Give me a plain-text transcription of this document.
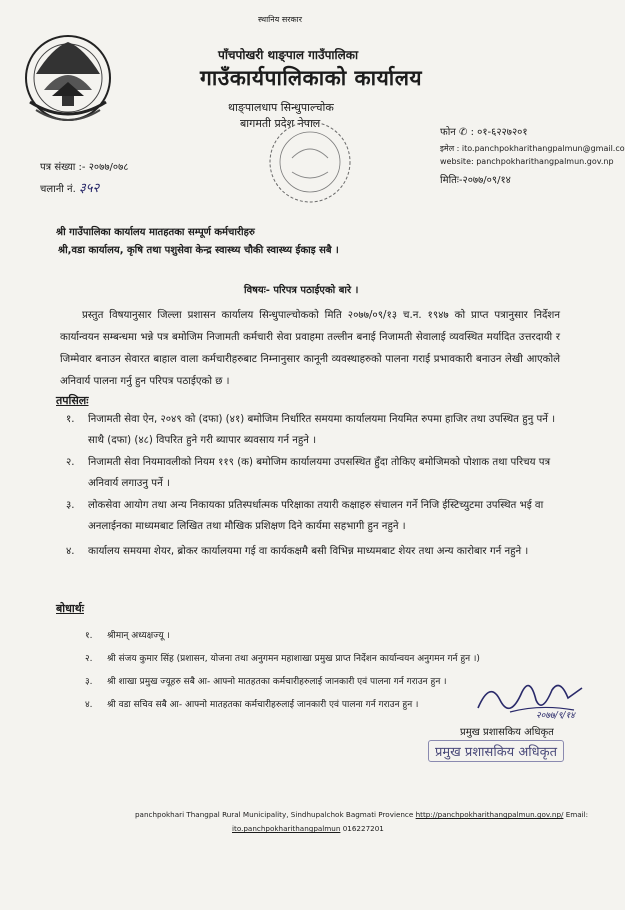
स्थानिय सरकार
पाँचपोखरी थाङ्पाल गाउँपालिका
गाउँकार्यपालिकाको कार्यालय
थाङ्पालधाप सिन्धुपाल्चोक
बागमती प्रदेश नेपाल
फोन ✆ : ०१-६२२७२०१
इमेल : ito.panchpokharithangpalmun@gmail.co
website: panchpokharithangpalmun.gov.np
मितिः-२०७७/०९/१४
पत्र संख्या :- २०७७/०७८
चलानी नं. ३५२
श्री गाउँपालिका कार्यालय मातहतका सम्पूर्ण कर्मचारीहरु
श्री,वडा कार्यालय, कृषि तथा पशुसेवा केन्द्र स्वास्थ्य चौकी स्वास्थ्य ईकाइ सबै ।
विषयः- परिपत्र पठाईएको बारे ।
प्रस्तुत विषयानुसार जिल्ला प्रशासन कार्यालय सिन्धुपाल्चोकको मिति २०७७/०९/१३ च.न. १९४७ को प्राप्त पत्रानुसार निर्देशन कार्यान्वयन सम्बन्धमा भन्ने पत्र बमोजिम निजामती कर्मचारी सेवा प्रवाहमा तल्लीन बनाई निजामती सेवालाई व्यवस्थित मर्यादित उत्तरदायी र जिम्मेवार बनाउन सेवारत बाहाल वाला कर्मचारीहरुबाट निम्नानुसार कानूनी व्यवस्थाहरुको पालना गराई प्रभावकारी बनाउन लेखी आएकोले अनिवार्य पालना गर्नु हुन परिपत्र पठाईएको छ ।
तपसिलः
१. निजामती सेवा ऐन, २०४९ को (दफा) (४१) बमोजिम निर्धारित समयमा कार्यालयमा नियमित रुपमा हाजिर तथा उपस्थित हुनु पर्ने । साथै (दफा) (४८) विपरित हुने गरी ब्यापार ब्यवसाय गर्न नहुने ।
२. निजामती सेवा नियमावलीको नियम ११९ (क) बमोजिम कार्यालयमा उपसस्थित हुँदा तोकिए बमोजिमको पोशाक तथा परिचय पत्र अनिवार्य लगाउनु पर्ने ।
३. लोकसेवा आयोग तथा अन्य निकायका प्रतिस्पर्धात्मक परिक्षाका तयारी कक्षाहरु संचालन गर्ने निजि ईस्टिच्युटमा उपस्थित भई वा अनलाईनका माध्यमबाट लिखित तथा मौखिक प्रशिक्षण दिने कार्यमा सहभागी हुन नहुने ।
४. कार्यालय समयमा शेयर, ब्रोकर कार्यालयमा गई वा कार्यकक्षमै बसी विभिन्न माध्यमबाट शेयर तथा अन्य कारोबार गर्न नहुने ।
बोधार्थः
१. श्रीमान् अध्यक्षज्यू ।
२. श्री संजय कुमार सिंह (प्रशासन, योजना तथा अनुगमन महाशाखा प्रमुख प्राप्त निर्देशन कार्यान्वयन अनुगमन गर्न हुन ।)
३. श्री शाखा प्रमुख ज्यूहरु सबै आ- आफ्नो मातहतका कर्मचारीहरुलाई जानकारी एवं पालना गर्न गराउन हुन ।
४. श्री वडा सचिव सबै आ- आफ्नो मातहतका कर्मचारीहरुलाई जानकारी एवं पालना गर्न गराउन हुन ।
२०७७/९/१४
प्रमुख प्रशासकिय अधिकृत
प्रमुख प्रशासकिय अधिकृत
panchpokhari Thangpal Rural Municipality, Sindhupalchok Bagmati Provience http://panchpokharithangpalmun.gov.np/ Email:
ito.panchpokharithangpalmun 016227201
